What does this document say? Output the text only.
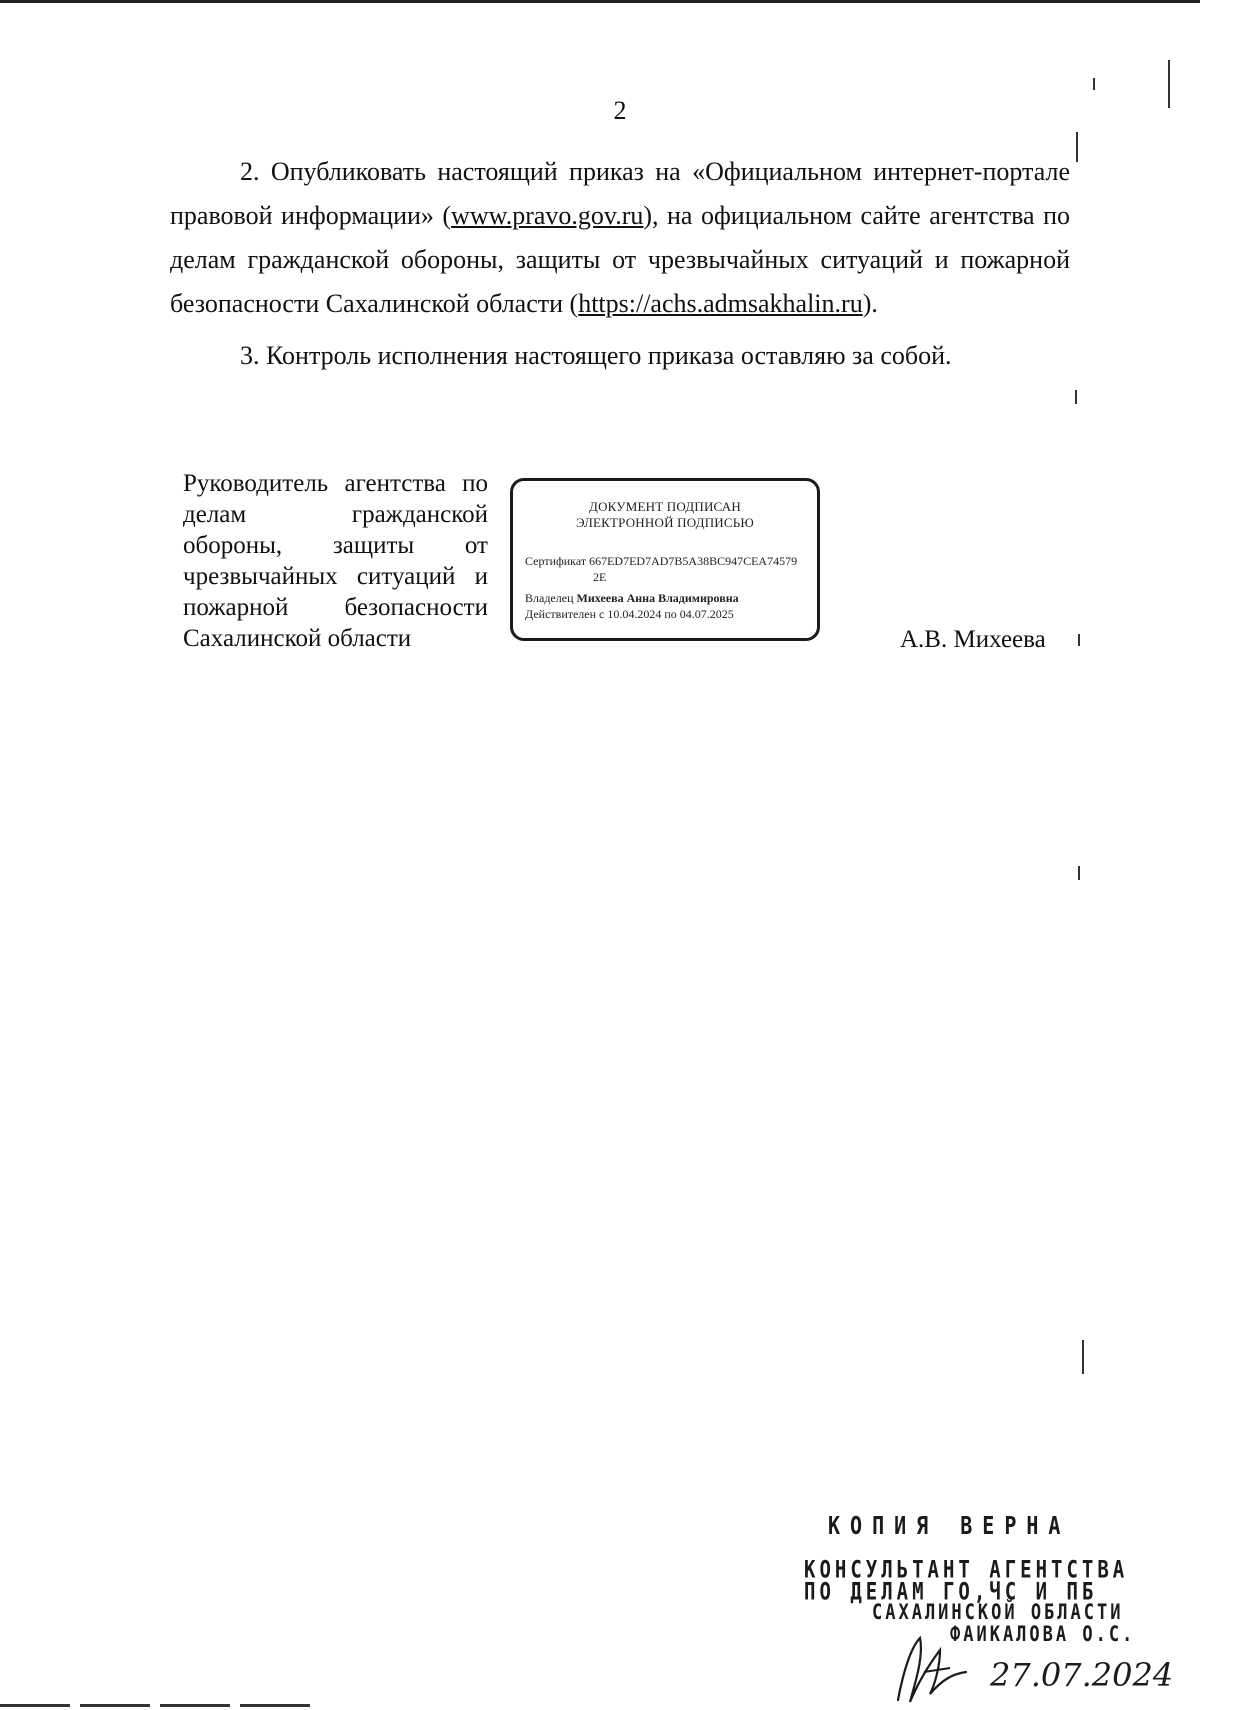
2

2. Опубликовать настоящий приказ на «Официальном интернет-портале правовой информации» (www.pravo.gov.ru), на официальном сайте агентства по делам гражданской обороны, защиты от чрезвычайных ситуаций и пожарной безопасности Сахалинской области (https://achs.admsakhalin.ru).

3. Контроль исполнения настоящего приказа оставляю за собой.

Руководитель агентства по
делам гражданской
обороны, защиты от
чрезвычайных ситуаций и
пожарной безопасности
Сахалинской области
ДОКУМЕНТ ПОДПИСАН
ЭЛЕКТРОННОЙ ПОДПИСЬЮ
Сертификат 667ED7ED7AD7B5A38BC947CEA74579
2E
Владелец Михеева Анна Владимировна
Действителен с 10.04.2024 по 04.07.2025
А.В. Михеева
КОПИЯ ВЕРНА
КОНСУЛЬТАНТ АГЕНТСТВА
ПО ДЕЛАМ ГО,ЧС И ПБ
САХАЛИНСКОЙ ОБЛАСТИ
ФАИКАЛОВА О.С.
27.07.2024
